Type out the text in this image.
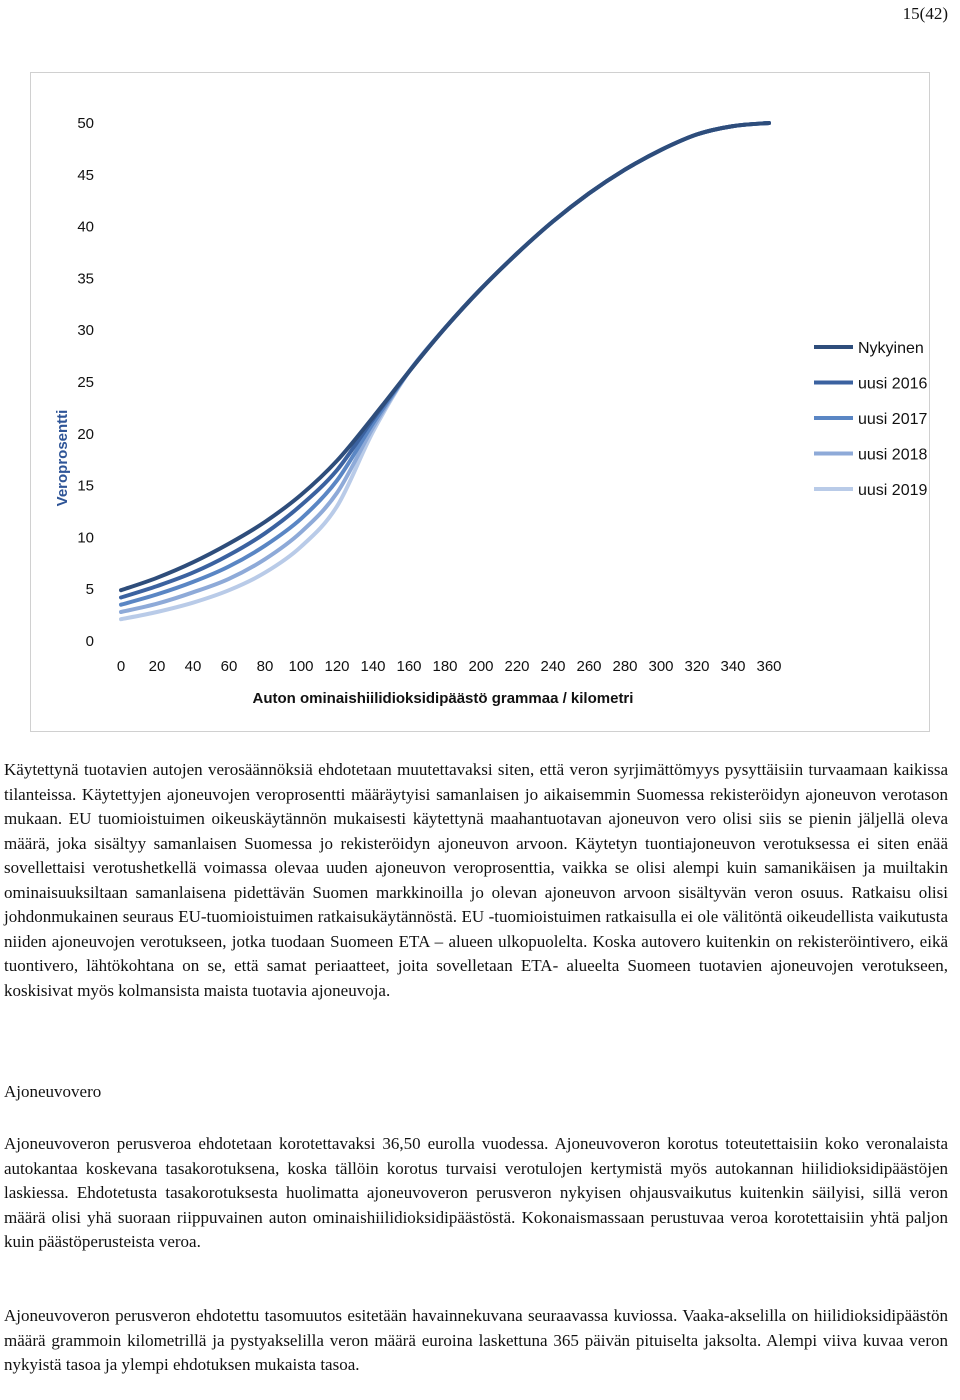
15(42)
0
5
10
15
20
25
30
35
40
45
50
0 20 40 60 80 100 120 140 160 180 200 220 240 260 280 300 320 340 360
Veroprosentti
Auton ominaishiilidioksidipäästö grammaa / kilometri
Nykyinen
uusi 2016
uusi 2017
uusi 2018
uusi 2019

Käytettynä tuotavien autojen verosäännöksiä ehdotetaan muutettavaksi siten, että veron syrjimättömyys pysyttäisiin turvaamaan kaikissa tilanteissa. Käytettyjen ajoneuvojen veroprosentti määräytyisi samanlaisen jo aikaisemmin Suomessa rekisteröidyn ajoneuvon verotason mukaan. EU tuomioistuimen oikeuskäytännön mukaisesti käytettynä maahantuotavan ajoneuvon vero olisi siis se pienin jäljellä oleva määrä, joka sisältyy samanlaisen Suomessa jo rekisteröidyn ajoneuvon arvoon. Käytetyn tuontiajoneuvon verotuksessa ei siten enää sovellettaisi verotushetkellä voimassa olevaa uuden ajoneuvon veroprosenttia, vaikka se olisi alempi kuin samanikäisen ja muiltakin ominaisuuksiltaan samanlaisena pidettävän Suomen markkinoilla jo olevan ajoneuvon arvoon sisältyvän veron osuus. Ratkaisu olisi johdonmukainen seuraus EU-tuomioistuimen ratkaisukäytännöstä. EU -tuomioistuimen ratkaisulla ei ole välitöntä oikeudellista vaikutusta niiden ajoneuvojen verotukseen, jotka tuodaan Suomeen ETA – alueen ulkopuolelta. Koska autovero kuitenkin on rekisteröintivero, eikä tuontivero, lähtökohtana on se, että samat periaatteet, joita sovelletaan ETA- alueelta Suomeen tuotavien ajoneuvojen verotukseen, koskisivat myös kolmansista maista tuotavia ajoneuvoja.

Ajoneuvovero

Ajoneuvoveron perusveroa ehdotetaan korotettavaksi 36,50 eurolla vuodessa. Ajoneuvoveron korotus toteutettaisiin koko veronalaista autokantaa koskevana tasakorotuksena, koska tällöin korotus turvaisi verotulojen kertymistä myös autokannan hiilidioksidipäästöjen laskiessa. Ehdotetusta tasakorotuksesta huolimatta ajoneuvoveron perusveron nykyisen ohjausvaikutus kuitenkin säilyisi, sillä veron määrä olisi yhä suoraan riippuvainen auton ominaishiilidioksidipäästöstä. Kokonaismassaan perustuvaa veroa korotettaisiin yhtä paljon kuin päästöperusteista veroa.

Ajoneuvoveron perusveron ehdotettu tasomuutos esitetään havainnekuvana seuraavassa kuviossa. Vaaka-akselilla on hiilidioksidipäästön määrä grammoin kilometrillä ja pystyakselilla veron määrä euroina laskettuna 365 päivän pituiselta jaksolta. Alempi viiva kuvaa veron nykyistä tasoa ja ylempi ehdotuksen mukaista tasoa.
